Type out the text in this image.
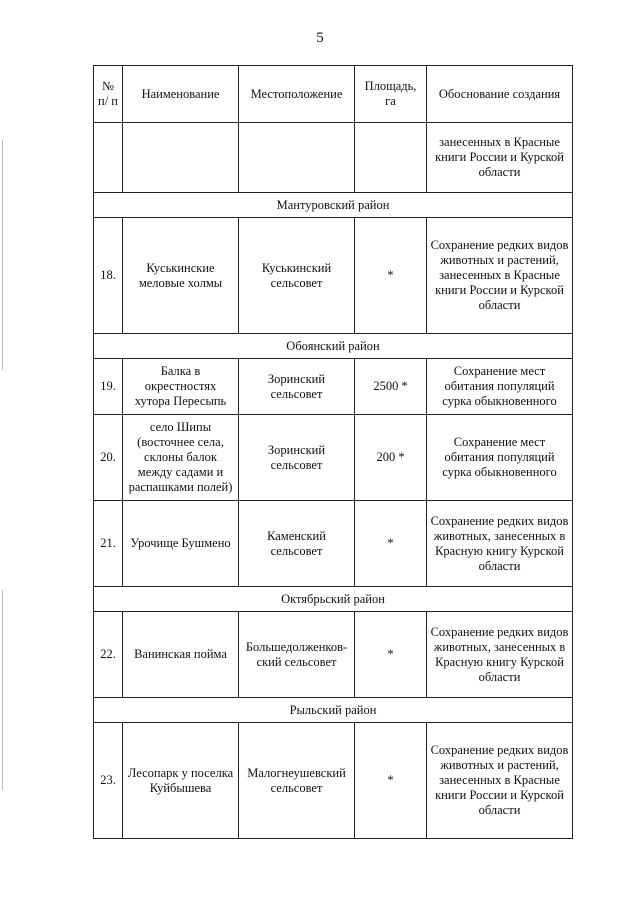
5
№ п/ п	Наименование	Местоположение	Площадь, га	Обоснование создания
				занесенных в Красные книги России и Курской области
Мантуровский район				
18.	Куськинские меловые холмы	Куськинский сельсовет	*	Сохранение редких видов животных и растений, занесенных в Красные книги России и Курской области
Обоянский район				
19.	Балка в окрестностях хутора Пересыпь	Зоринский сельсовет	2500 *	Сохранение мест обитания популяций сурка обыкновенного
20.	село Шипы (восточнее села, склоны балок между садами и распашками полей)	Зоринский сельсовет	200 *	Сохранение мест обитания популяций сурка обыкновенного
21.	Урочище Бушмено	Каменский сельсовет	*	Сохранение редких видов животных, занесенных в Красную книгу Курской области
Октябрьский район				
22.	Ванинская пойма	Большедолженков-ский сельсовет	*	Сохранение редких видов животных, занесенных в Красную книгу Курской области
Рыльский район				
23.	Лесопарк у поселка Куйбышева	Малогнеушевский сельсовет	*	Сохранение редких видов животных и растений, занесенных в Красные книги России и Курской области
